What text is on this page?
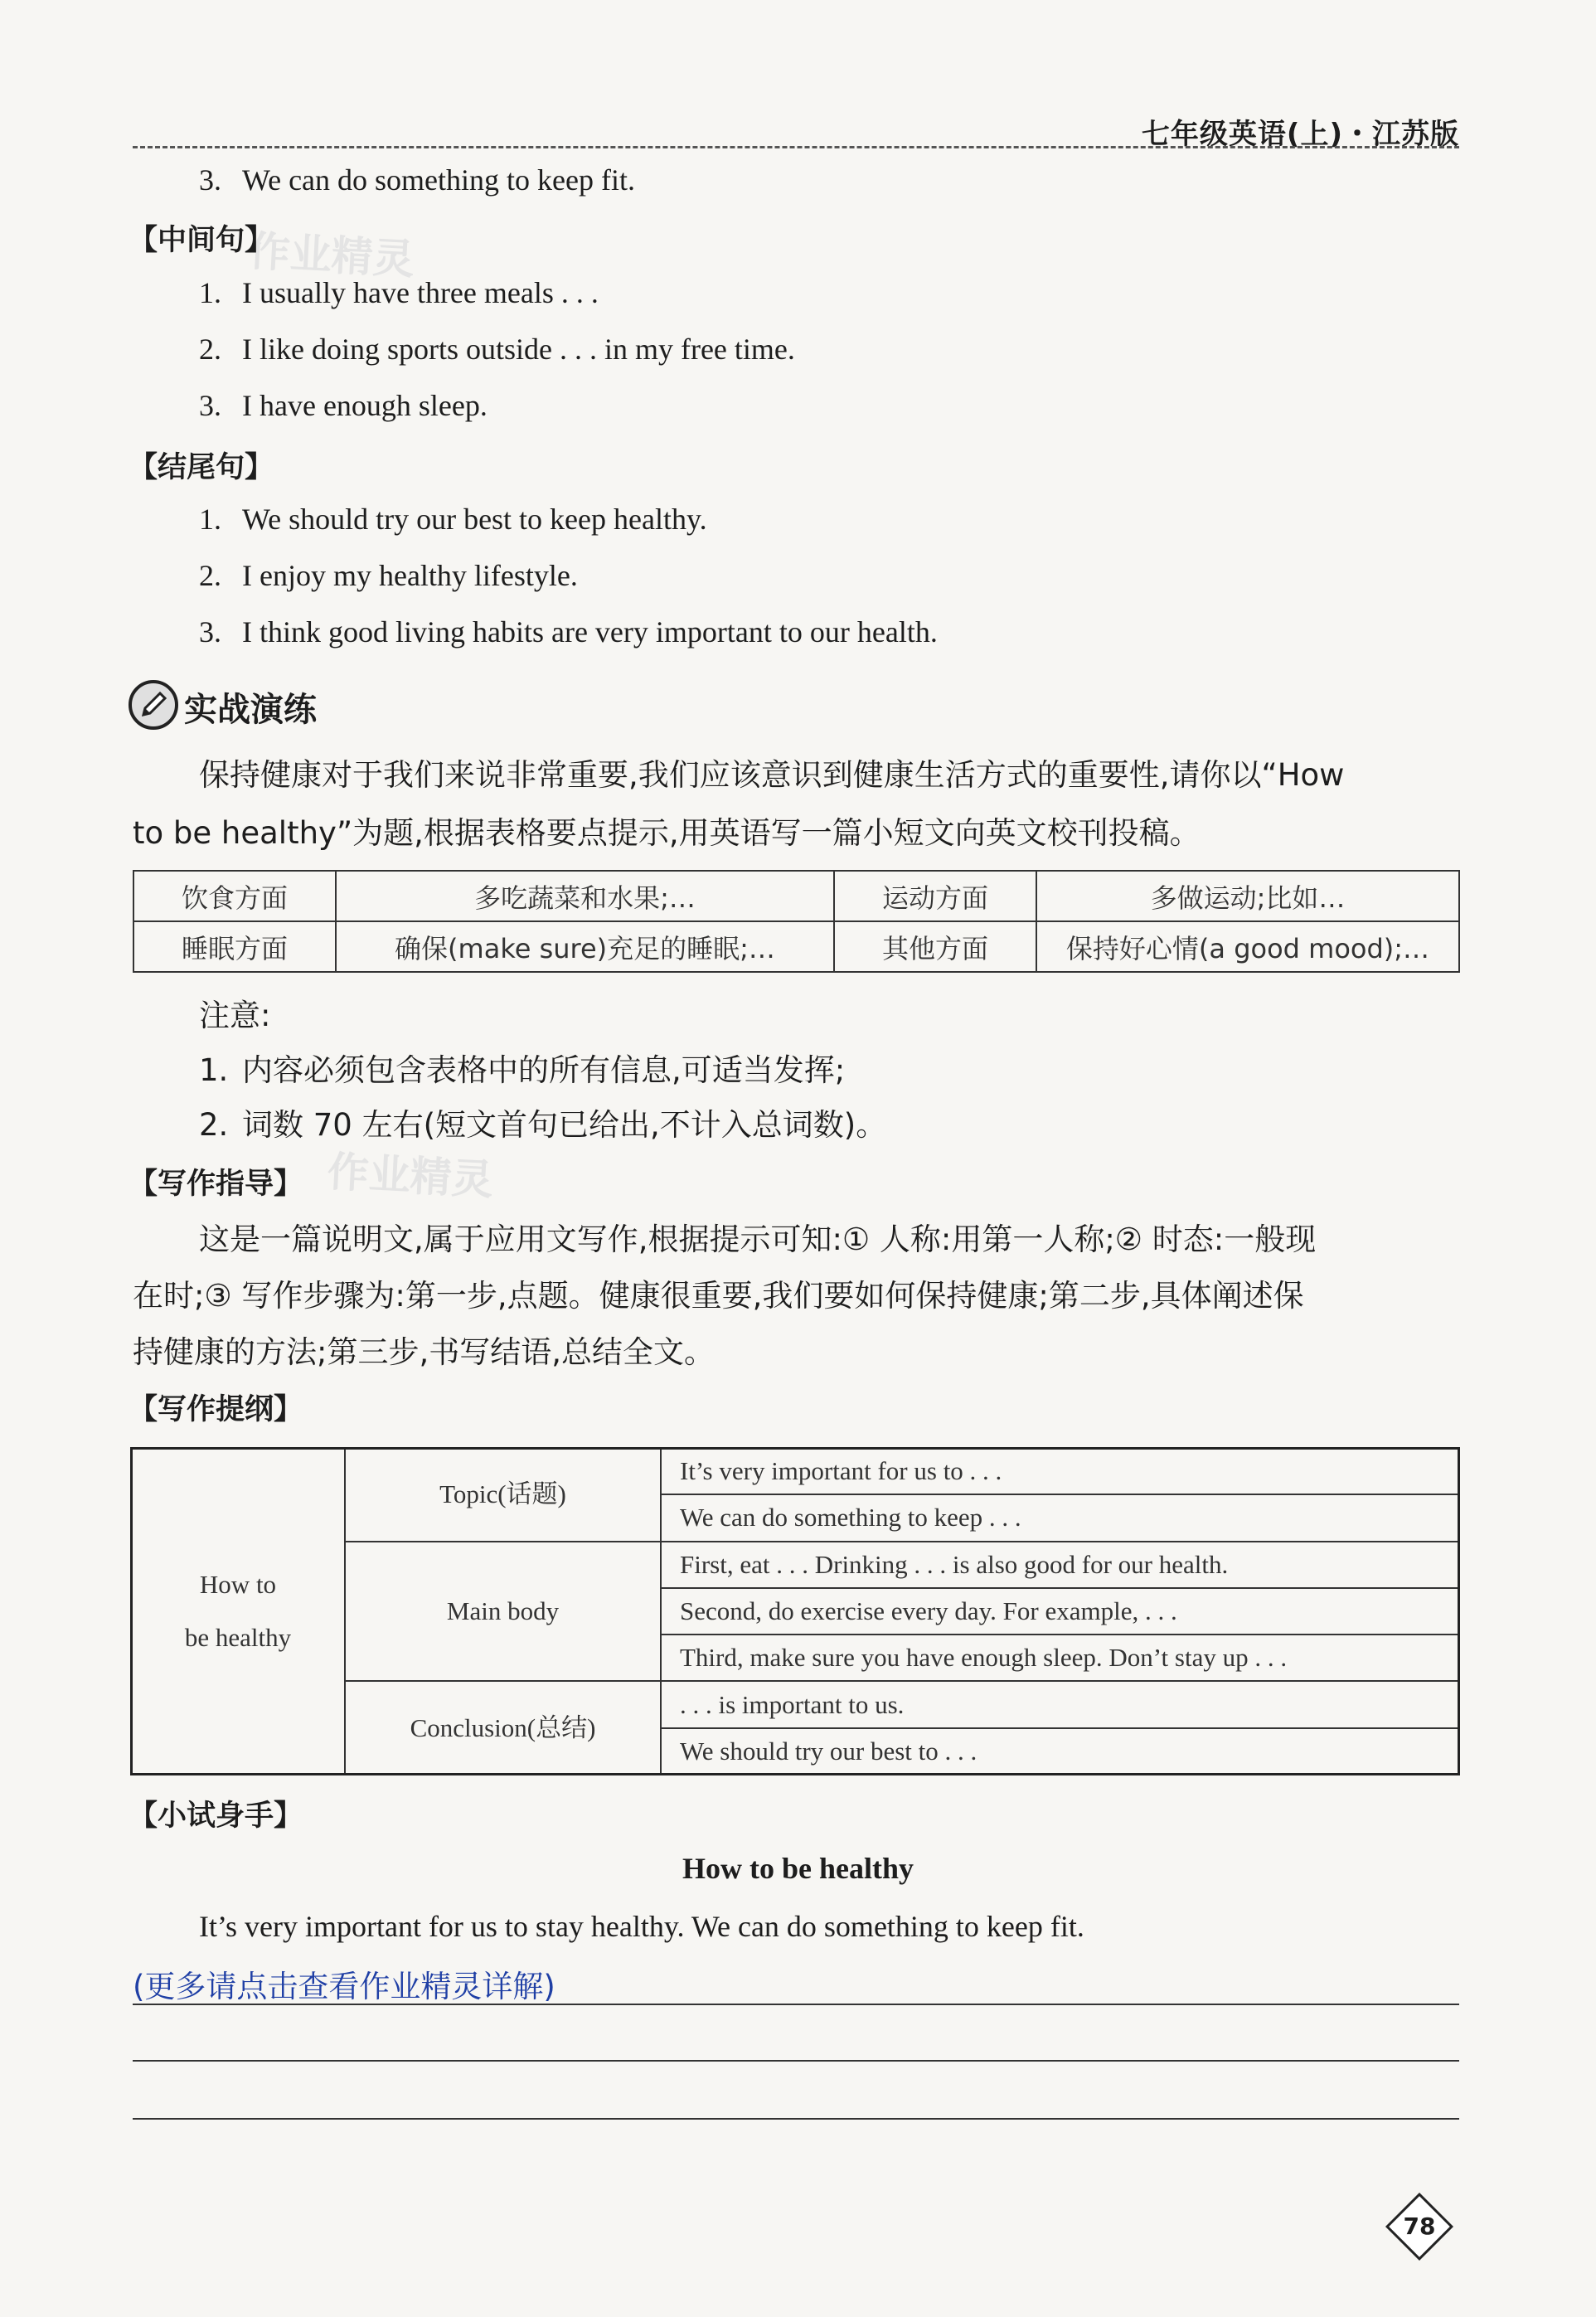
七年级英语(上)・江苏版
3. We can do something to keep fit.
作业精灵
【中间句】
1. I usually have three meals . . .
2. I like doing sports outside . . . in my free time.
3. I have enough sleep.
【结尾句】
1. We should try our best to keep healthy.
2. I enjoy my healthy lifestyle.
3. I think good living habits are very important to our health.
实战演练
保持健康对于我们来说非常重要,我们应该意识到健康生活方式的重要性,请你以“How
to be healthy”为题,根据表格要点提示,用英语写一篇小短文向英文校刊投稿。
饮食方面	多吃蔬菜和水果;…	运动方面	多做运动;比如…
睡眠方面	确保(make sure)充足的睡眠;…	其他方面	保持好心情(a good mood);…
注意:
1. 内容必须包含表格中的所有信息,可适当发挥;
2. 词数 70 左右(短文首句已给出,不计入总词数)。
作业精灵
【写作指导】
这是一篇说明文,属于应用文写作,根据提示可知:① 人称:用第一人称;② 时态:一般现
在时;③ 写作步骤为:第一步,点题。健康很重要,我们要如何保持健康;第二步,具体阐述保
持健康的方法;第三步,书写结语,总结全文。
【写作提纲】
How to
be healthy	Topic(话题)	It’s very important for us to . . .
		We can do something to keep . . .
	Main body	First, eat . . . Drinking . . . is also good for our health.
		Second, do exercise every day. For example, . . .
		Third, make sure you have enough sleep. Don’t stay up . . .
	Conclusion(总结)	. . . is important to us.
		We should try our best to . . .
【小试身手】
How to be healthy
It’s very important for us to stay healthy. We can do something to keep fit.
(更多请点击查看作业精灵详解)
78
